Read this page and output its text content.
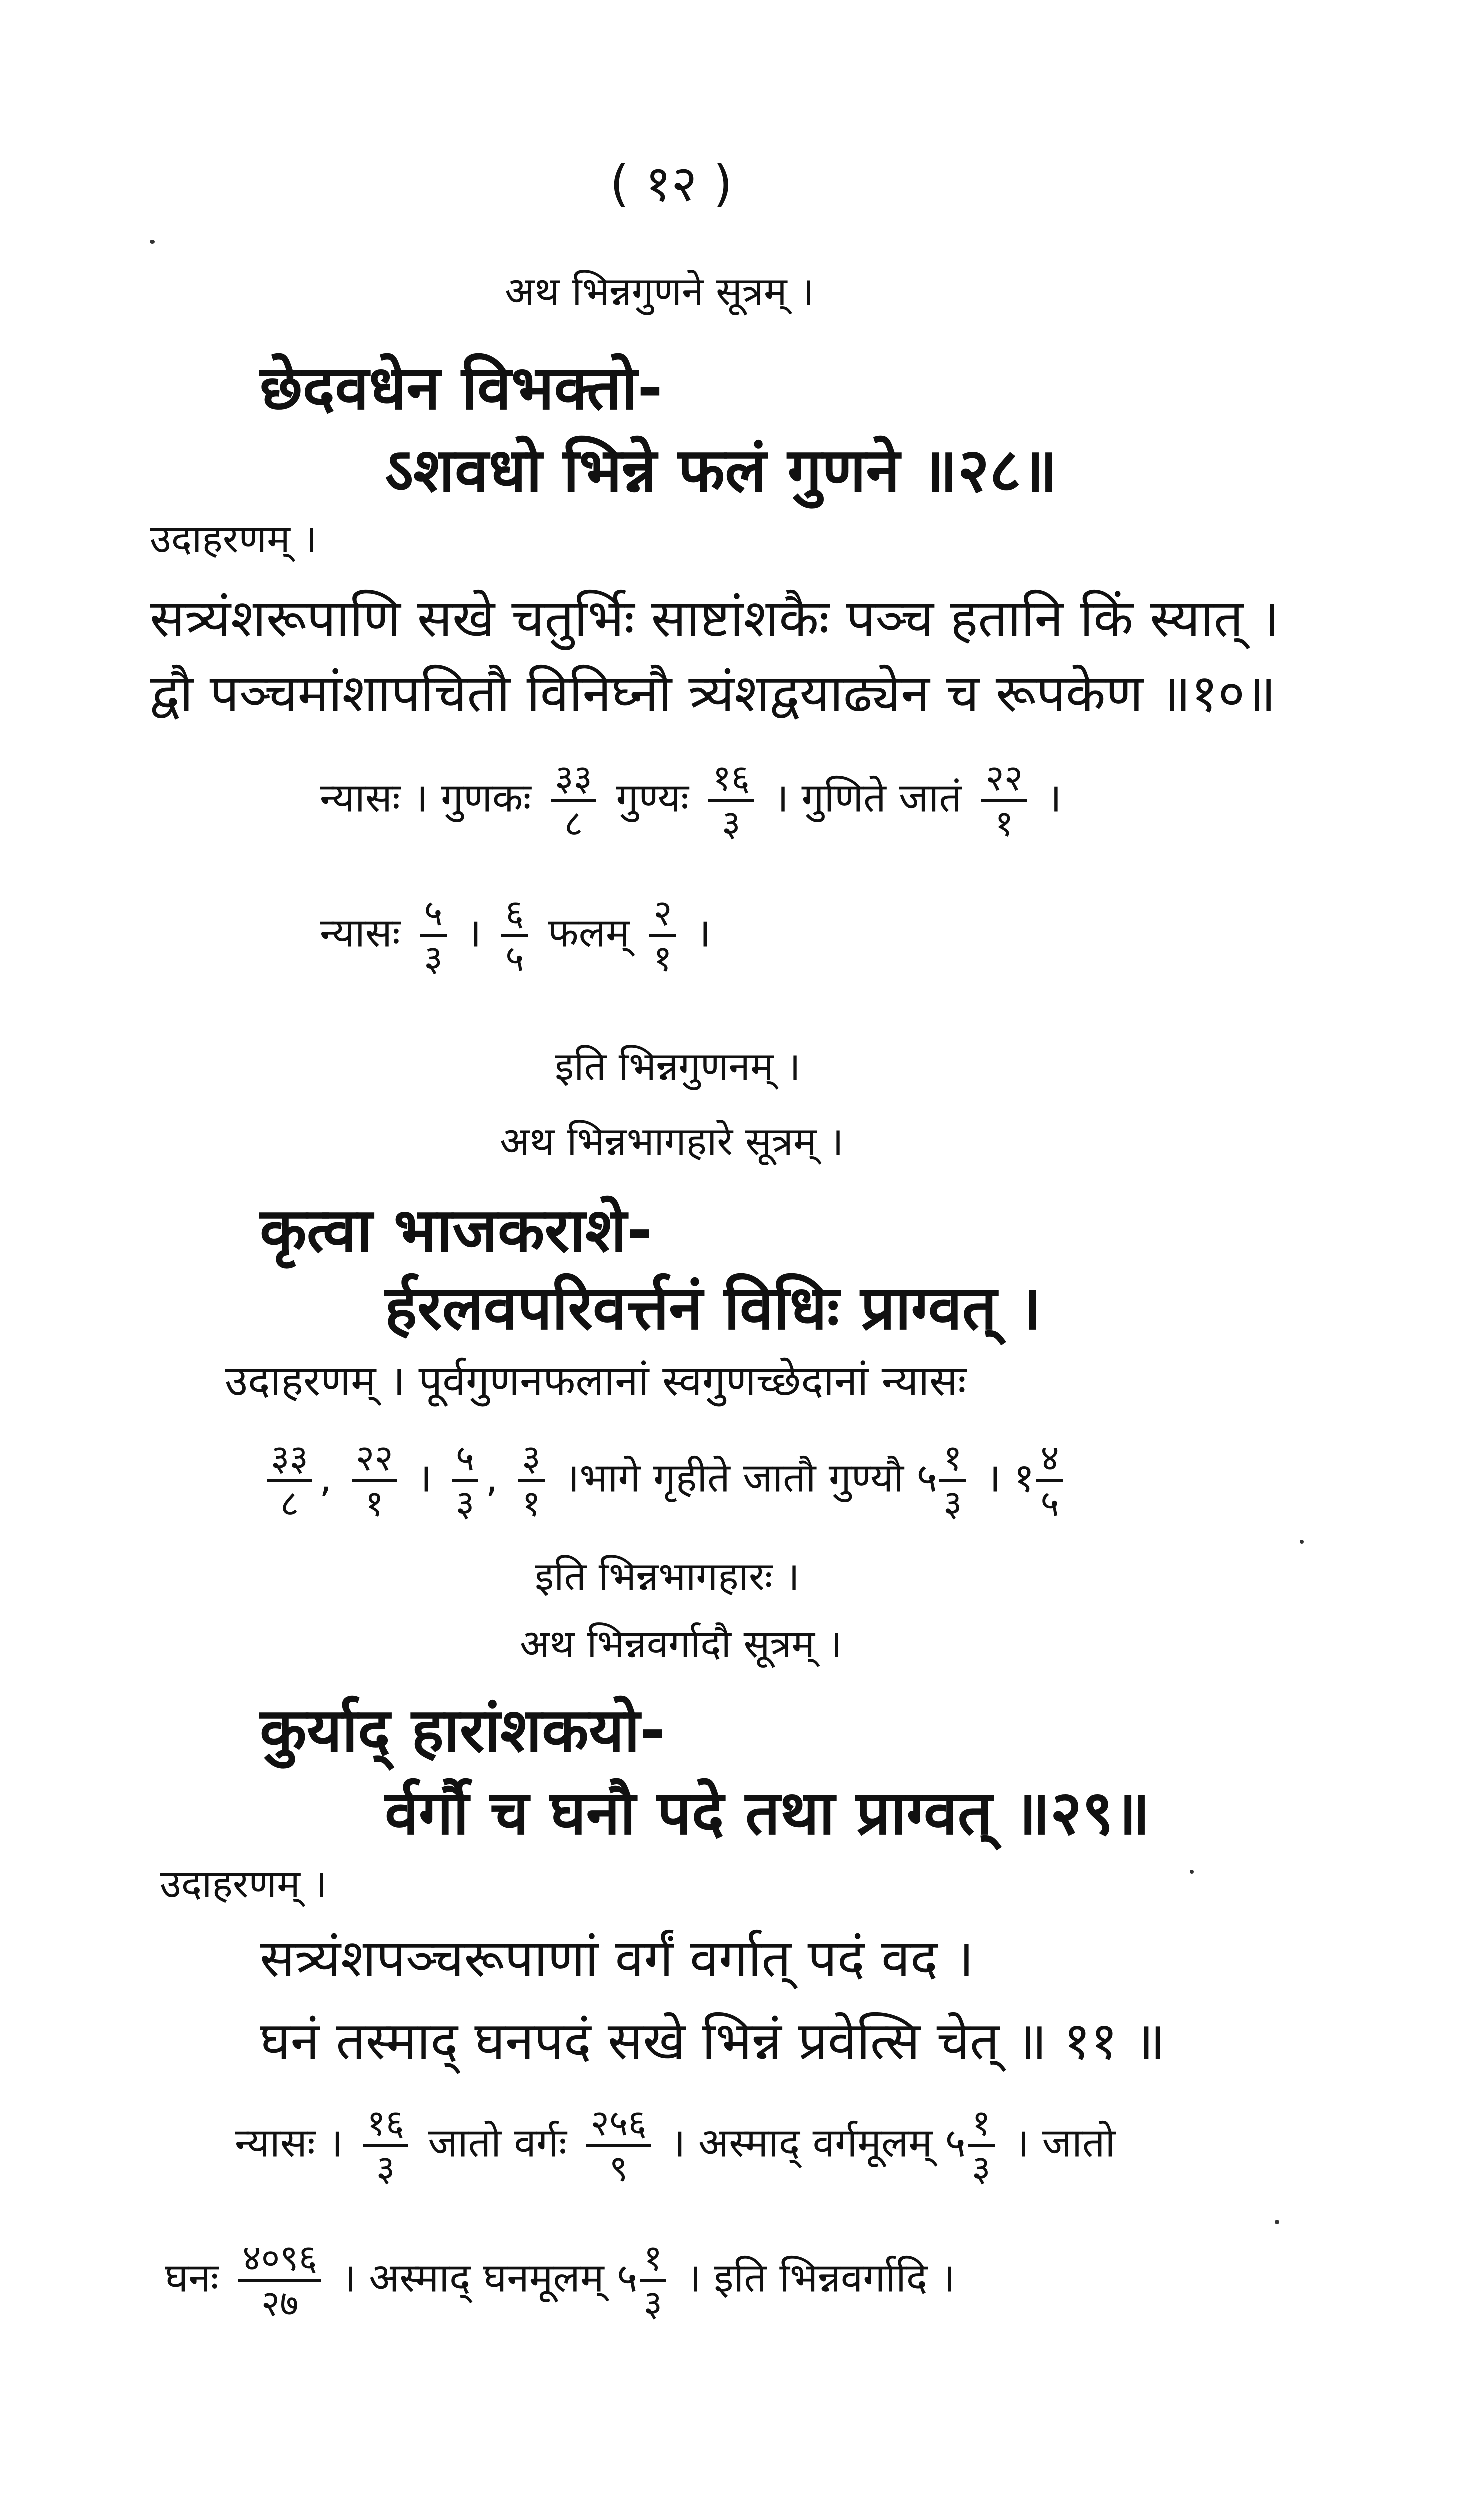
( १२ )
अथ भिन्नगुणने सूत्रम् ।
छेदवधेन विभक्तो-
ऽशवधो भिन्ने फलं गुणने ॥२८॥
उदाहरणम् ।
सत्र्यंशरूपाणि सखे चतुर्भिः साष्टांशकैः पञ्च हतानि किं स्यात् ।
द्वौ पञ्चमांशापचितौ विनिघ्नौ त्र्यंशद्वयाढ्येन च रूपकेण ॥१०॥
न्यासः । गुणकः ३३
८
गुण्यः १६
३
। गुणिते जातं २२
१
।
न्यासः ५
३
। ६
५
फलम् २
१
।
इति भिन्नगुणनम् ।
अथ भिन्नभागहारे सूत्रम् ।
कृत्वा भाजकराशे-
र्हरलवपरिवर्त्तनं विधिः प्राग्वत् ।
उदाहरणम् । पूर्वगुणनफलानां स्वगुणच्छेदानां न्यासः
३३
८
, २२
१
। ५
३
, ३
१
।भागे गृहीते जातौ गुण्यौ ५ १
३
। १ ४
५
इति भिन्नभागहारः ।
अथ भिन्नवर्गादौ सूत्रम् ।
कुर्याद् हारांशकयो-
र्वर्गौ च घनौ पदे तथा प्राग्वत् ॥२९॥
उदाहरणम् ।
सत्र्यंशपञ्चरूपाणां वर्गं वर्गात् पदं वद ।
घनं तस्माद् घनपदं सखे भिन्नं प्रवेत्सि चेत् ॥ ११ ॥
न्यासः । १६
३
जातो वर्गः २५६
९
। अस्माद् वर्गमूलम् ५ १
३
। जातो
घनः ४०९६
२७
। अस्माद् घनमूलम् ५ १
३
। इति भिन्नवर्गादि ।
